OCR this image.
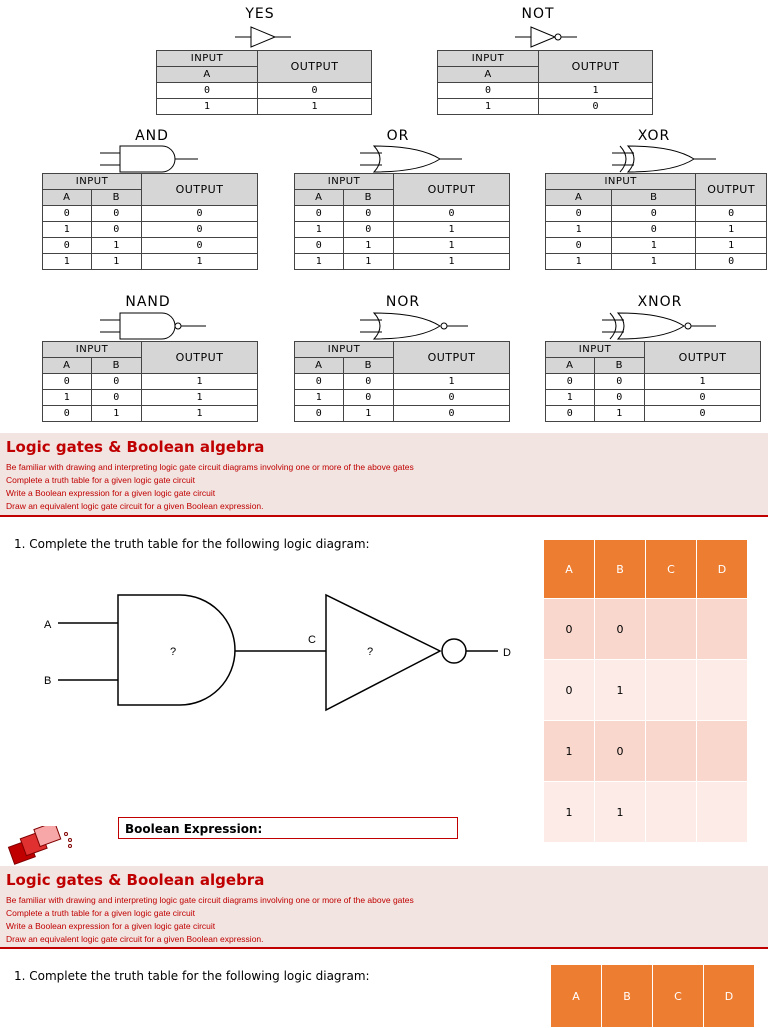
YES
INPUT	OUTPUT
A	
0	0
1	1
NOT
INPUT	OUTPUT
A	
0	1
1	0
AND
INPUT		OUTPUT
A	B	
0	0	0
1	0	0
0	1	0
1	1	1
OR
INPUT		OUTPUT
A	B	
0	0	0
1	0	1
0	1	1
1	1	1
XOR
INPUT		OUTPUT
A	B	
0	0	0
1	0	1
0	1	1
1	1	0
NAND
INPUT		OUTPUT
A	B	
0	0	1
1	0	1
0	1	1
NOR
INPUT		OUTPUT
A	B	
0	0	1
1	0	0
0	1	0
XNOR
INPUT		OUTPUT
A	B	
0	0	1
1	0	0
0	1	0
Logic gates & Boolean algebra
Be familiar with drawing and interpreting logic gate circuit diagrams involving one or more of the above gates
Complete a truth table for a given logic gate circuit
Write a Boolean expression for a given logic gate circuit
Draw an equivalent logic gate circuit for a given Boolean expression.
1. Complete the truth table for the following logic diagram:
A
B
?
C
?	D
A	B	C	D
0	0		
0	1		
1	0		
1	1		
Boolean Expression:
Logic gates & Boolean algebra
Be familiar with drawing and interpreting logic gate circuit diagrams involving one or more of the above gates
Complete a truth table for a given logic gate circuit
Write a Boolean expression for a given logic gate circuit
Draw an equivalent logic gate circuit for a given Boolean expression.
1. Complete the truth table for the following logic diagram:
A	B	C	D
